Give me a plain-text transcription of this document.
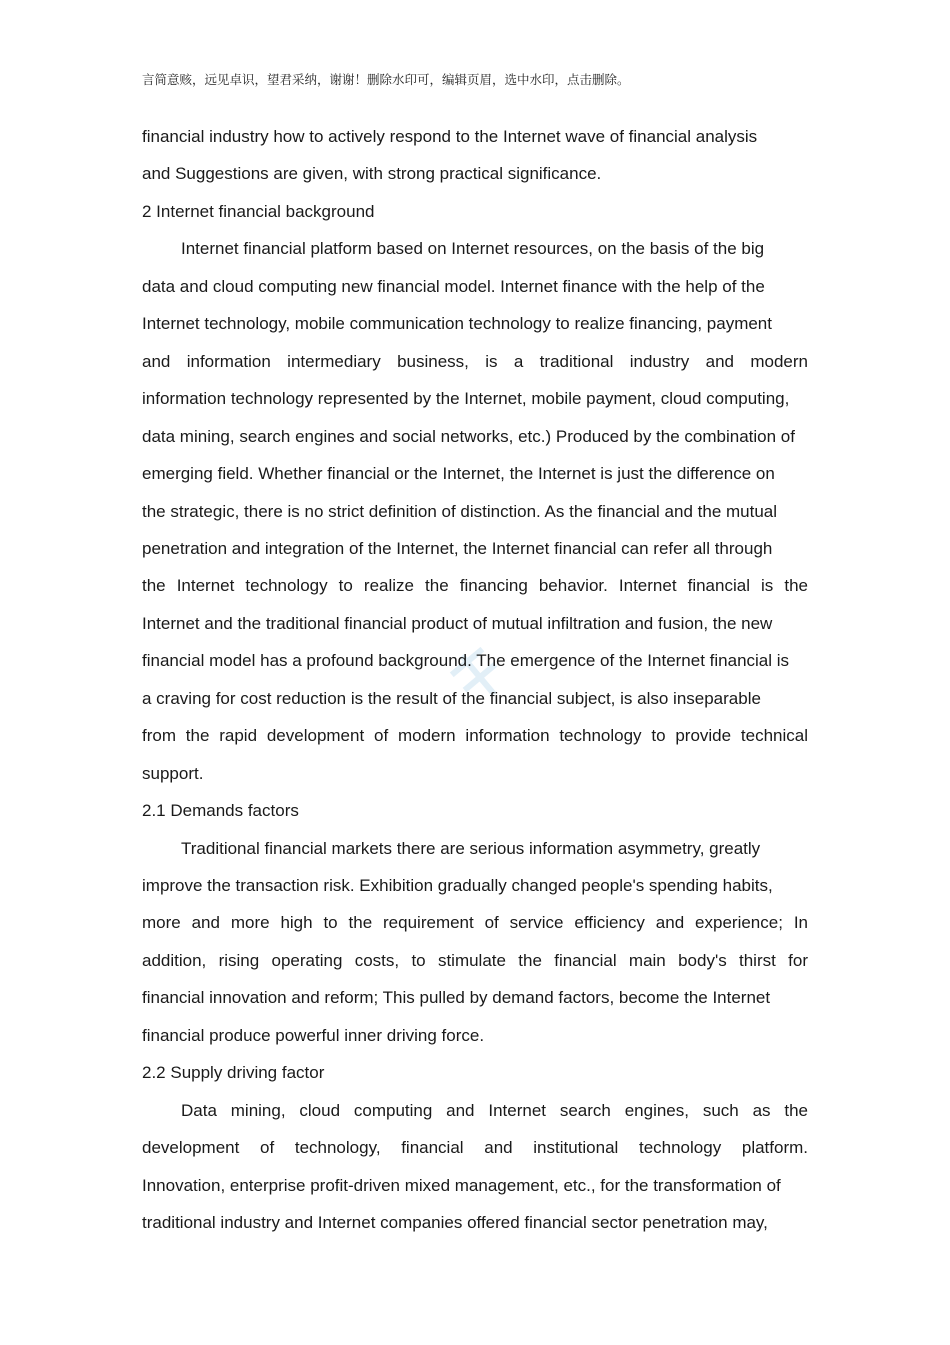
言简意赅，远见卓识，望君采纳，谢谢！删除水印可，编辑页眉，选中水印，点击删除。
financial industry how to actively respond to the Internet wave of financial analysis
and Suggestions are given, with strong practical significance.
2 Internet financial background
Internet financial platform based on Internet resources, on the basis of the big
data and cloud computing new financial model. Internet finance with the help of the
Internet technology, mobile communication technology to realize financing, payment
and information intermediary business, is a traditional industry and modern
information technology represented by the Internet, mobile payment, cloud computing,
data mining, search engines and social networks, etc.) Produced by the combination of
emerging field. Whether financial or the Internet, the Internet is just the difference on
the strategic, there is no strict definition of distinction. As the financial and the mutual
penetration and integration of the Internet, the Internet financial can refer all through
the Internet technology to realize the financing behavior. Internet financial is the
Internet and the traditional financial product of mutual infiltration and fusion, the new
financial model has a profound background. The emergence of the Internet financial is
a craving for cost reduction is the result of the financial subject, is also inseparable
from the rapid development of modern information technology to provide technical
support.
2.1 Demands factors
Traditional financial markets there are serious information asymmetry, greatly
improve the transaction risk. Exhibition gradually changed people's spending habits,
more and more high to the requirement of service efficiency and experience; In
addition, rising operating costs, to stimulate the financial main body's thirst for
financial innovation and reform; This pulled by demand factors, become the Internet
financial produce powerful inner driving force.
2.2 Supply driving factor
Data mining, cloud computing and Internet search engines, such as the
development of technology, financial and institutional technology platform.
Innovation, enterprise profit-driven mixed management, etc., for the transformation of
traditional industry and Internet companies offered financial sector penetration may,
